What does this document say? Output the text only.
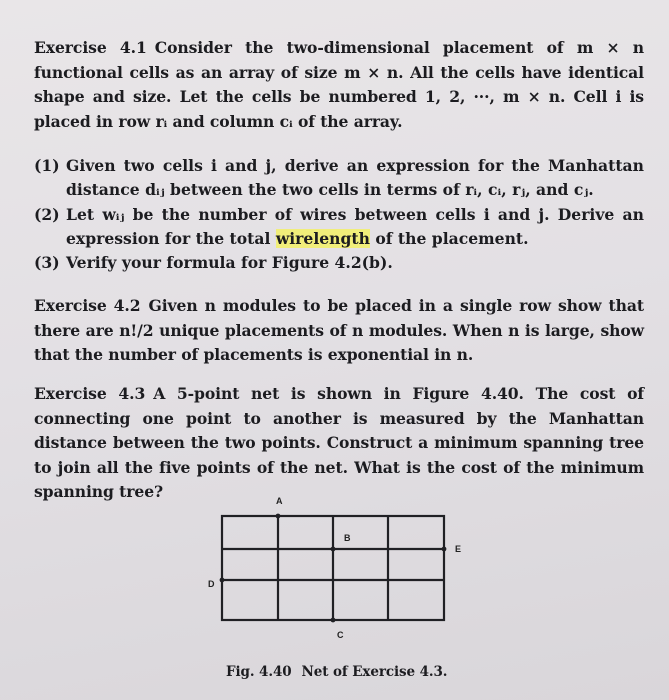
Exercise 4.1 Consider the two-dimensional placement of m × n functional cells as an array of size m × n. All the cells have identical shape and size. Let the cells be numbered 1, 2, ···, m × n. Cell i is placed in row rᵢ and column cᵢ of the array.
(1) Given two cells i and j, derive an expression for the Manhattan distance dᵢⱼ between the two cells in terms of rᵢ, cᵢ, rⱼ, and cⱼ.
(2) Let wᵢⱼ be the number of wires between cells i and j. Derive an expression for the total wirelength of the placement.
(3) Verify your formula for Figure 4.2(b).
Exercise 4.2 Given n modules to be placed in a single row show that there are n!/2 unique placements of n modules. When n is large, show that the number of placements is exponential in n.
Exercise 4.3 A 5-point net is shown in Figure 4.40. The cost of connecting one point to another is measured by the Manhattan distance between the two points. Construct a minimum spanning tree to join all the five points of the net. What is the cost of the minimum spanning tree?	A
B
C
D
E
Fig. 4.40 Net of Exercise 4.3.
